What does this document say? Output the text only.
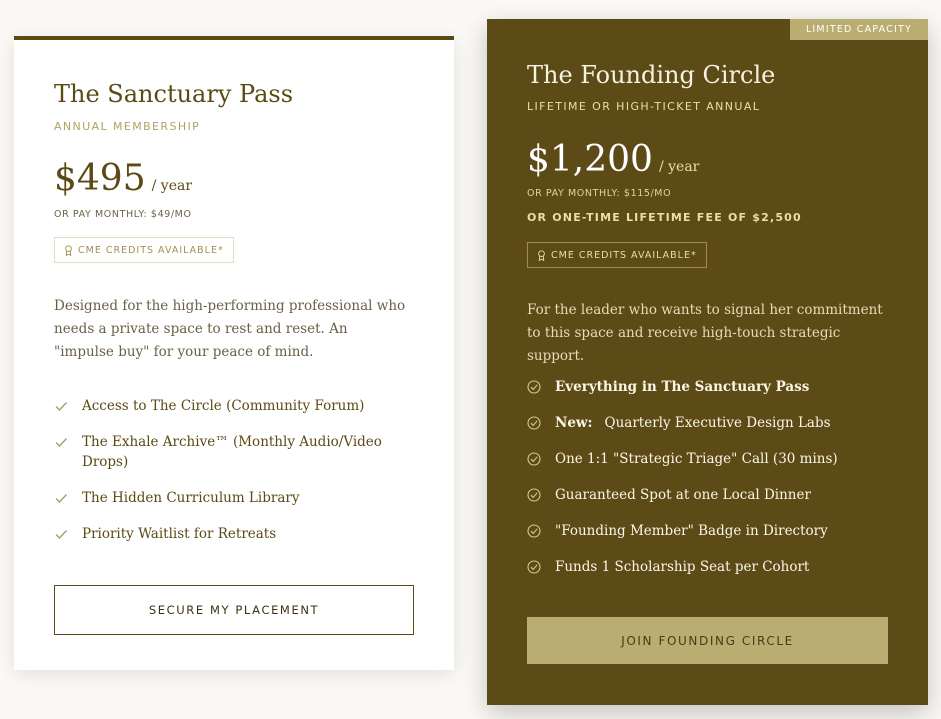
The Sanctuary Pass
ANNUAL MEMBERSHIP
$495 / year
OR PAY MONTHLY: $49/MO
CME CREDITS AVAILABLE*

Designed for the high-performing professional who needs a private space to rest and reset. An "impulse buy" for your peace of mind.

Access to The Circle (Community Forum)
The Exhale Archive™ (Monthly Audio/Video Drops)
The Hidden Curriculum Library
Priority Waitlist for Retreats
SECURE MY PLACEMENT
LIMITED CAPACITY
The Founding Circle
LIFETIME OR HIGH-TICKET ANNUAL
$1,200 / year
OR PAY MONTHLY: $115/MO
OR ONE-TIME LIFETIME FEE OF $2,500
CME CREDITS AVAILABLE*

For the leader who wants to signal her commitment to this space and receive high-touch strategic support.

Everything in The Sanctuary Pass
New: Quarterly Executive Design Labs
One 1:1 "Strategic Triage" Call (30 mins)
Guaranteed Spot at one Local Dinner
"Founding Member" Badge in Directory
Funds 1 Scholarship Seat per Cohort
JOIN FOUNDING CIRCLE
